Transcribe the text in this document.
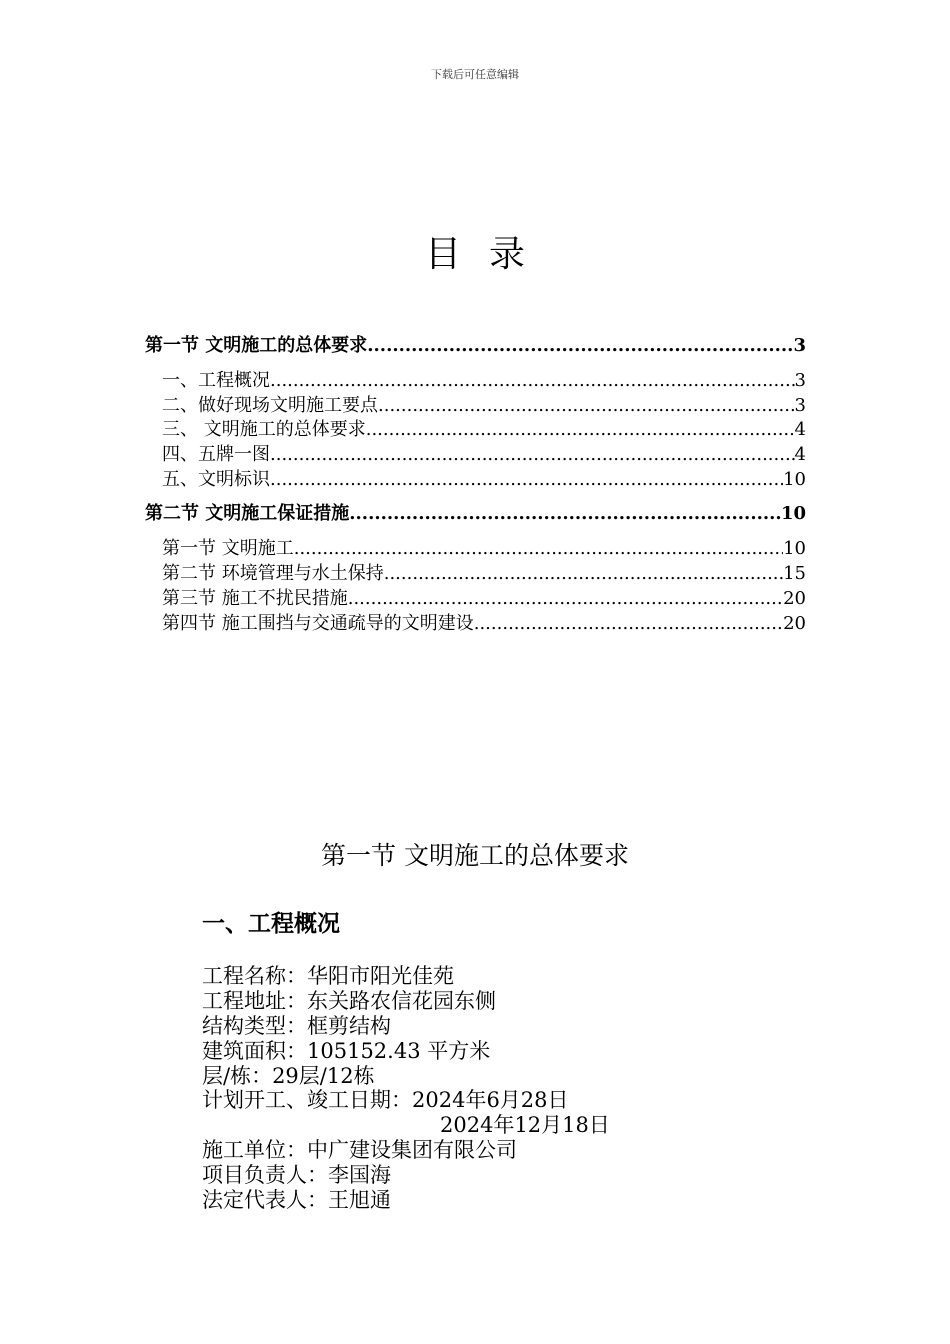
下载后可任意编辑
目录
第一节 文明施工的总体要求 .....	3
一、工程概况 .....	3
二、做好现场文明施工要点 .....	3
三、 文明施工的总体要求 .....	4
四、五牌一图 .....	4
五、文明标识 .....	10
第二节 文明施工保证措施 .....	10
第一节 文明施工 .....	10
第二节 环境管理与水土保持 .....	15
第三节 施工不扰民措施 .....	20
第四节 施工围挡与交通疏导的文明建设 .....	20
第一节 文明施工的总体要求
一、工程概况
工程名称：华阳市阳光佳苑
工程地址：东关路农信花园东侧
结构类型：框剪结构
建筑面积：105152.43 平方米
层/栋：29层/12栋
计划开工、竣工日期：2024年6月28日
2024年12月18日
施工单位：中广建设集团有限公司
项目负责人：李国海
法定代表人：王旭通
